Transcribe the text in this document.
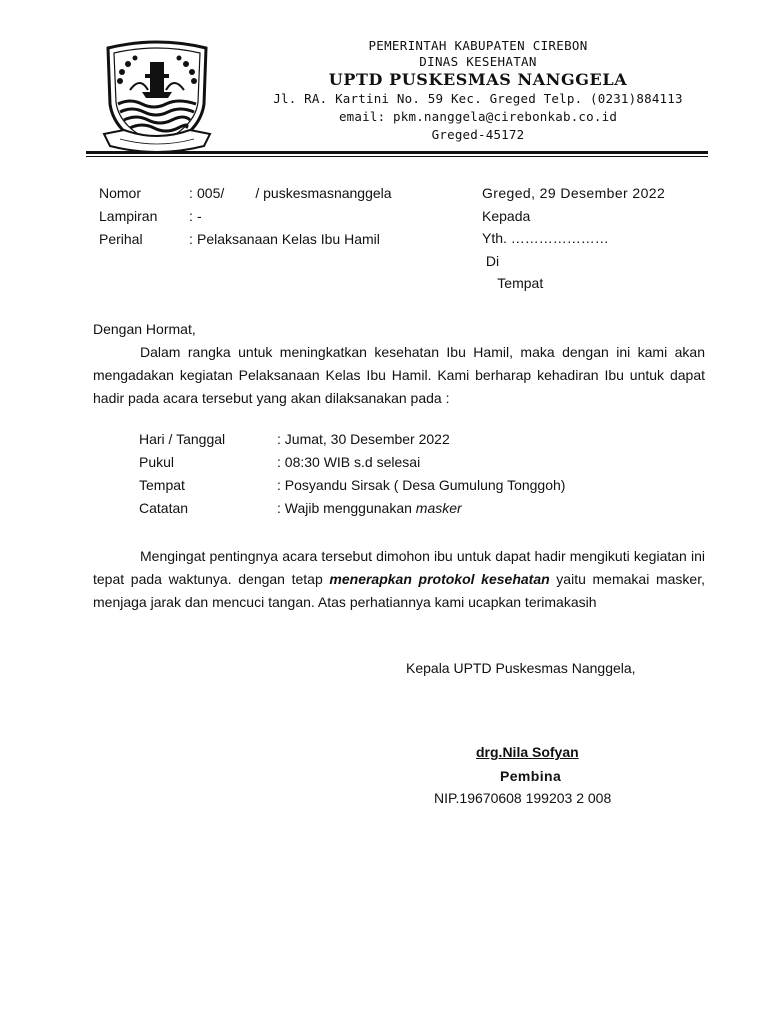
PEMERINTAH KABUPATEN CIREBON
DINAS KESEHATAN
UPTD PUSKESMAS NANGGELA
Jl. RA. Kartini No. 59 Kec. Greged Telp. (0231)884113
email: pkm.nanggela@cirebonkab.co.id
Greged-45172
Nomor	: 005/        / puskesmasnanggela
Lampiran	: -
Perihal	: Pelaksanaan Kelas Ibu Hamil
Greged, 29 Desember 2022
Kepada
Yth. …………………
Di
Tempat
Dengan Hormat,
Dalam rangka untuk meningkatkan kesehatan Ibu Hamil, maka dengan ini kami akan mengadakan kegiatan Pelaksanaan Kelas Ibu Hamil. Kami berharap kehadiran Ibu untuk dapat hadir pada acara tersebut yang akan dilaksanakan pada :
Hari / Tanggal	: Jumat, 30 Desember 2022
Pukul	: 08:30 WIB s.d selesai
Tempat	: Posyandu Sirsak ( Desa Gumulung Tonggoh)
Catatan	: Wajib menggunakan masker
Mengingat pentingnya acara tersebut dimohon ibu untuk dapat hadir mengikuti kegiatan ini tepat pada waktunya. dengan tetap menerapkan protokol kesehatan yaitu memakai masker, menjaga jarak dan mencuci tangan. Atas perhatiannya kami ucapkan terimakasih
Kepala UPTD Puskesmas Nanggela,
drg.Nila Sofyan
Pembina
NIP.19670608 199203 2 008
